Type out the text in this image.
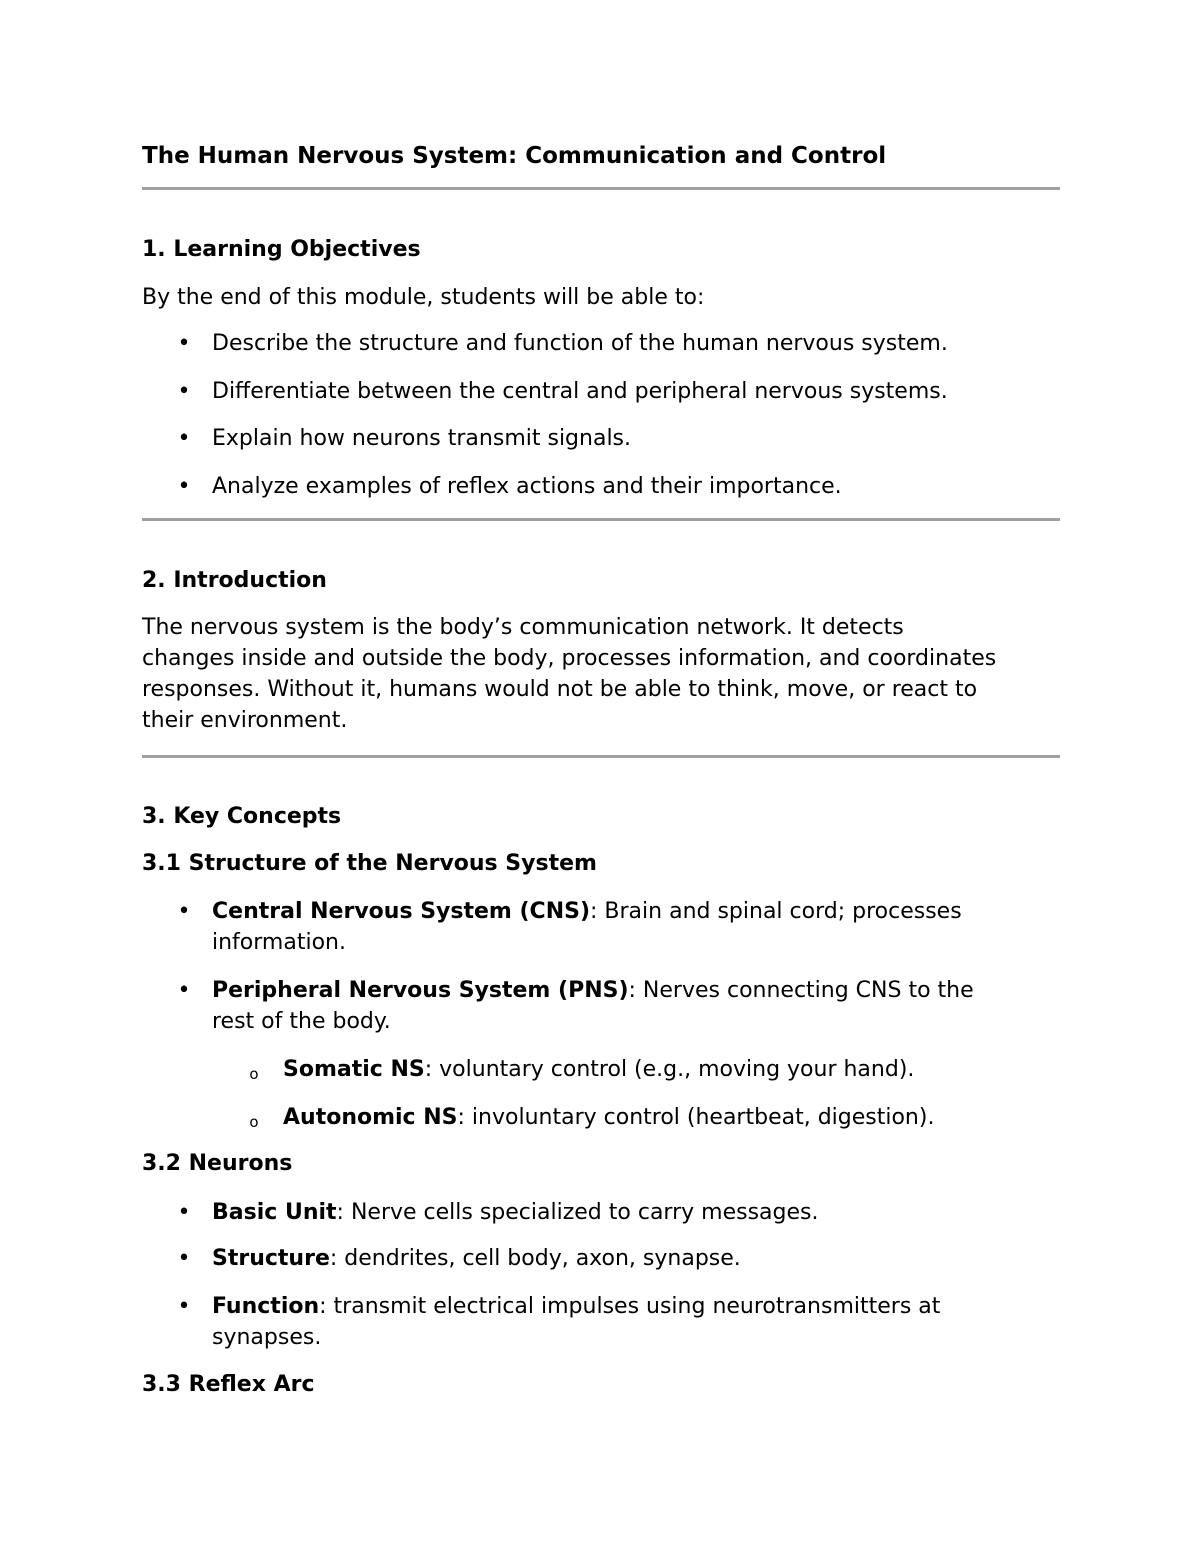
The Human Nervous System: Communication and Control
1. Learning Objectives
By the end of this module, students will be able to:
• Describe the structure and function of the human nervous system.
• Differentiate between the central and peripheral nervous systems.
• Explain how neurons transmit signals.
• Analyze examples of reflex actions and their importance.
2. Introduction
The nervous system is the body’s communication network. It detects
changes inside and outside the body, processes information, and coordinates
responses. Without it, humans would not be able to think, move, or react to
their environment.
3. Key Concepts
3.1 Structure of the Nervous System
• Central Nervous System (CNS): Brain and spinal cord; processes
information.
• Peripheral Nervous System (PNS): Nerves connecting CNS to the
rest of the body.
o Somatic NS: voluntary control (e.g., moving your hand).
o Autonomic NS: involuntary control (heartbeat, digestion).
3.2 Neurons
• Basic Unit: Nerve cells specialized to carry messages.
• Structure: dendrites, cell body, axon, synapse.
• Function: transmit electrical impulses using neurotransmitters at
synapses.
3.3 Reflex Arc
